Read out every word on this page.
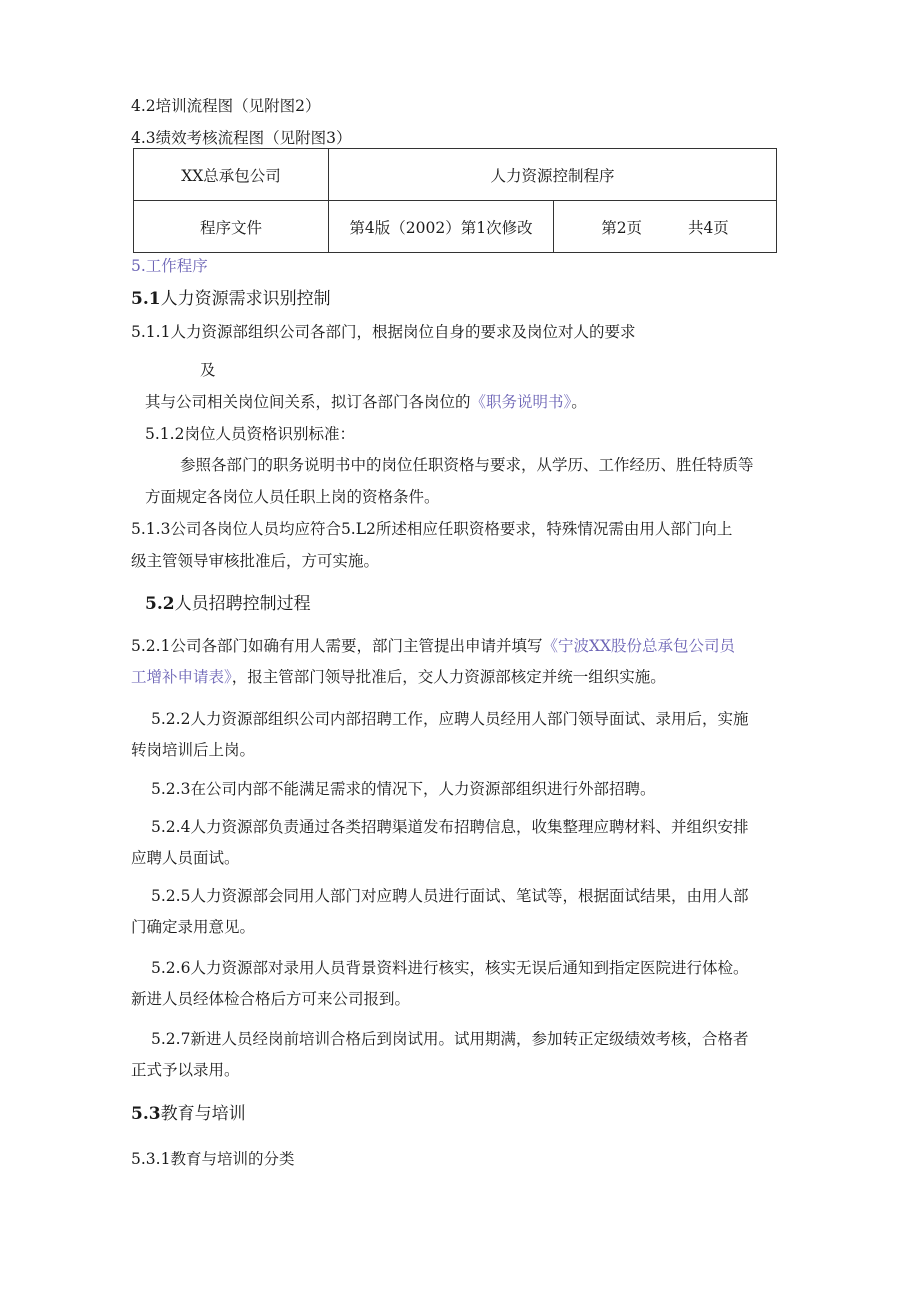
4.2培训流程图（见附图2）
4.3绩效考核流程图（见附图3）
XX总承包公司	人力资源控制程序	
程序文件	第4版（2002）第1次修改	第2页 共4页
5.工作程序
5.1人力资源需求识别控制
5.1.1人力资源部组织公司各部门，根据岗位自身的要求及岗位对人的要求
及
其与公司相关岗位间关系，拟订各部门各岗位的《职务说明书》。
5.1.2岗位人员资格识别标准：
参照各部门的职务说明书中的岗位任职资格与要求，从学历、工作经历、胜任特质等
方面规定各岗位人员任职上岗的资格条件。
5.1.3公司各岗位人员均应符合5.L2所述相应任职资格要求，特殊情况需由用人部门向上
级主管领导审核批准后，方可实施。
5.2人员招聘控制过程
5.2.1公司各部门如确有用人需要，部门主管提出申请并填写《宁波XX股份总承包公司员
工增补申请表》，报主管部门领导批准后，交人力资源部核定并统一组织实施。
5.2.2人力资源部组织公司内部招聘工作，应聘人员经用人部门领导面试、录用后，实施
转岗培训后上岗。
5.2.3在公司内部不能满足需求的情况下，人力资源部组织进行外部招聘。
5.2.4人力资源部负责通过各类招聘渠道发布招聘信息，收集整理应聘材料、并组织安排
应聘人员面试。
5.2.5人力资源部会同用人部门对应聘人员进行面试、笔试等，根据面试结果，由用人部
门确定录用意见。
5.2.6人力资源部对录用人员背景资料进行核实，核实无误后通知到指定医院进行体检。
新进人员经体检合格后方可来公司报到。
5.2.7新进人员经岗前培训合格后到岗试用。试用期满，参加转正定级绩效考核，合格者
正式予以录用。
5.3教育与培训
5.3.1教育与培训的分类
